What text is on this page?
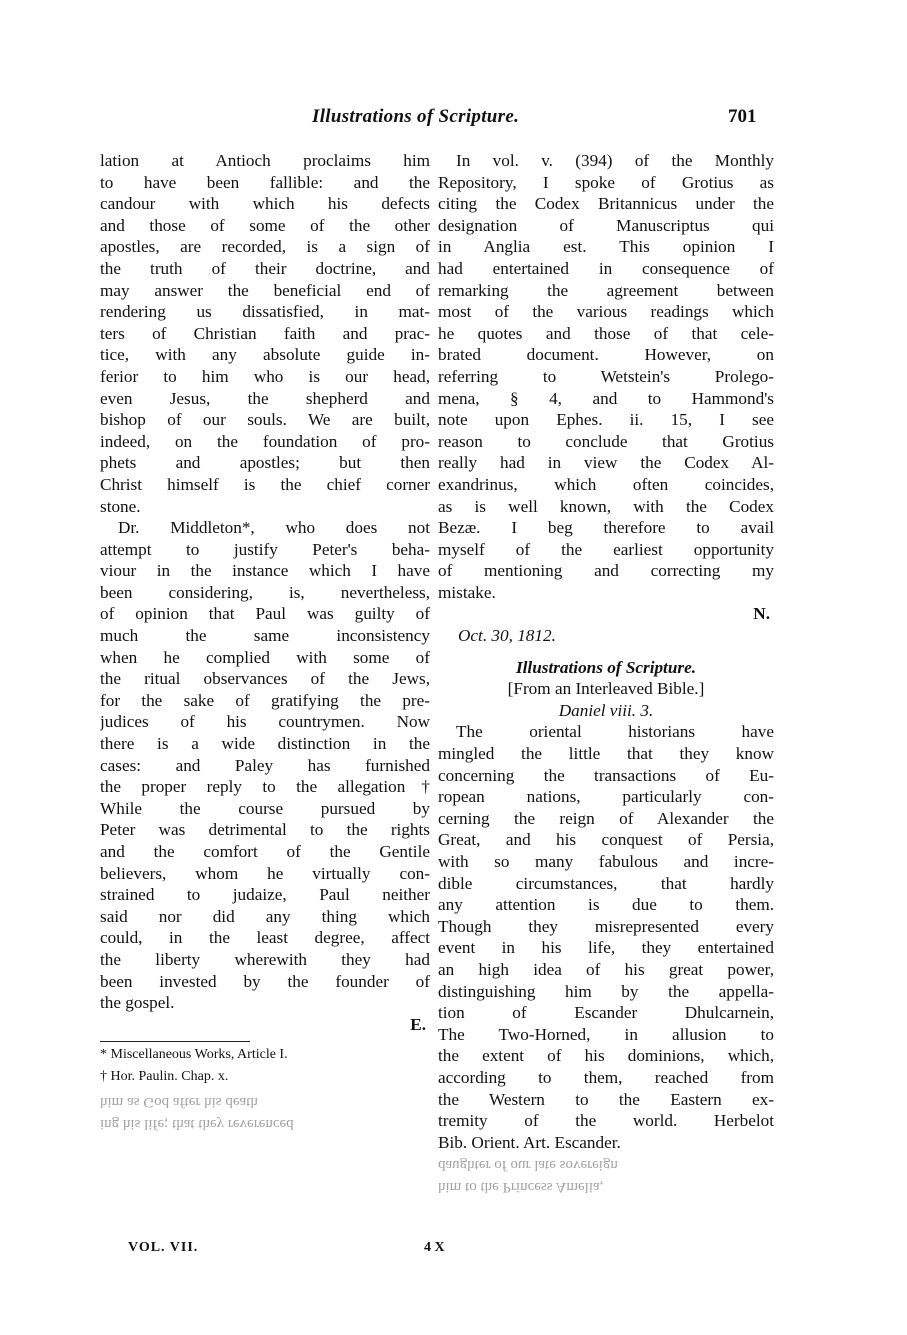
Illustrations of Scripture.	701
lation at Antioch proclaims him
to have been fallible: and the
candour with which his defects
and those of some of the other
apostles, are recorded, is a sign of
the truth of their doctrine, and
may answer the beneficial end of
rendering us dissatisfied, in mat-
ters of Christian faith and prac-
tice, with any absolute guide in-
ferior to him who is our head,
even Jesus, the shepherd and
bishop of our souls. We are built,
indeed, on the foundation of pro-
phets and apostles; but then
Christ himself is the chief corner
stone.
Dr. Middleton*, who does not
attempt to justify Peter's beha-
viour in the instance which I have
been considering, is, nevertheless,
of opinion that Paul was guilty of
much the same inconsistency
when he complied with some of
the ritual observances of the Jews,
for the sake of gratifying the pre-
judices of his countrymen. Now
there is a wide distinction in the
cases: and Paley has furnished
the proper reply to the allegation†
While the course pursued by
Peter was detrimental to the rights
and the comfort of the Gentile
believers, whom he virtually con-
strained to judaize, Paul neither
said nor did any thing which
could, in the least degree, affect
the liberty wherewith they had
been invested by the founder of
the gospel.
E.
* Miscellaneous Works, Article I.
† Hor. Paulin. Chap. x.
ing his life; that they reverenced
him as God after his death
In vol. v. (394) of the Monthly
Repository, I spoke of Grotius as
citing the Codex Britannicus under the
designation of Manuscriptus qui
in Anglia est. This opinion I
had entertained in consequence of
remarking the agreement between
most of the various readings which
he quotes and those of that cele-
brated document. However, on
referring to Wetstein's Prolego-
mena, § 4, and to Hammond's
note upon Ephes. ii. 15, I see
reason to conclude that Grotius
really had in view the Codex Al-
exandrinus, which often coincides,
as is well known, with the Codex
Bezæ. I beg therefore to avail
myself of the earliest opportunity
of mentioning and correcting my
mistake.
N.
Oct. 30, 1812.
Illustrations of Scripture.
[From an Interleaved Bible.]
Daniel viii. 3.
The oriental historians have
mingled the little that they know
concerning the transactions of Eu-
ropean nations, particularly con-
cerning the reign of Alexander the
Great, and his conquest of Persia,
with so many fabulous and incre-
dible circumstances, that hardly
any attention is due to them.
Though they misrepresented every
event in his life, they entertained
an high idea of his great power,
distinguishing him by the appella-
tion of Escander Dhulcarnein,
The Two-Horned, in allusion to
the extent of his dominions, which,
according to them, reached from
the Western to the Eastern ex-
tremity of the world. Herbelot
Bib. Orient. Art. Escander.
him to the Princess Amelia,
daughter of our late sovereign
VOL. VII.	4 X
